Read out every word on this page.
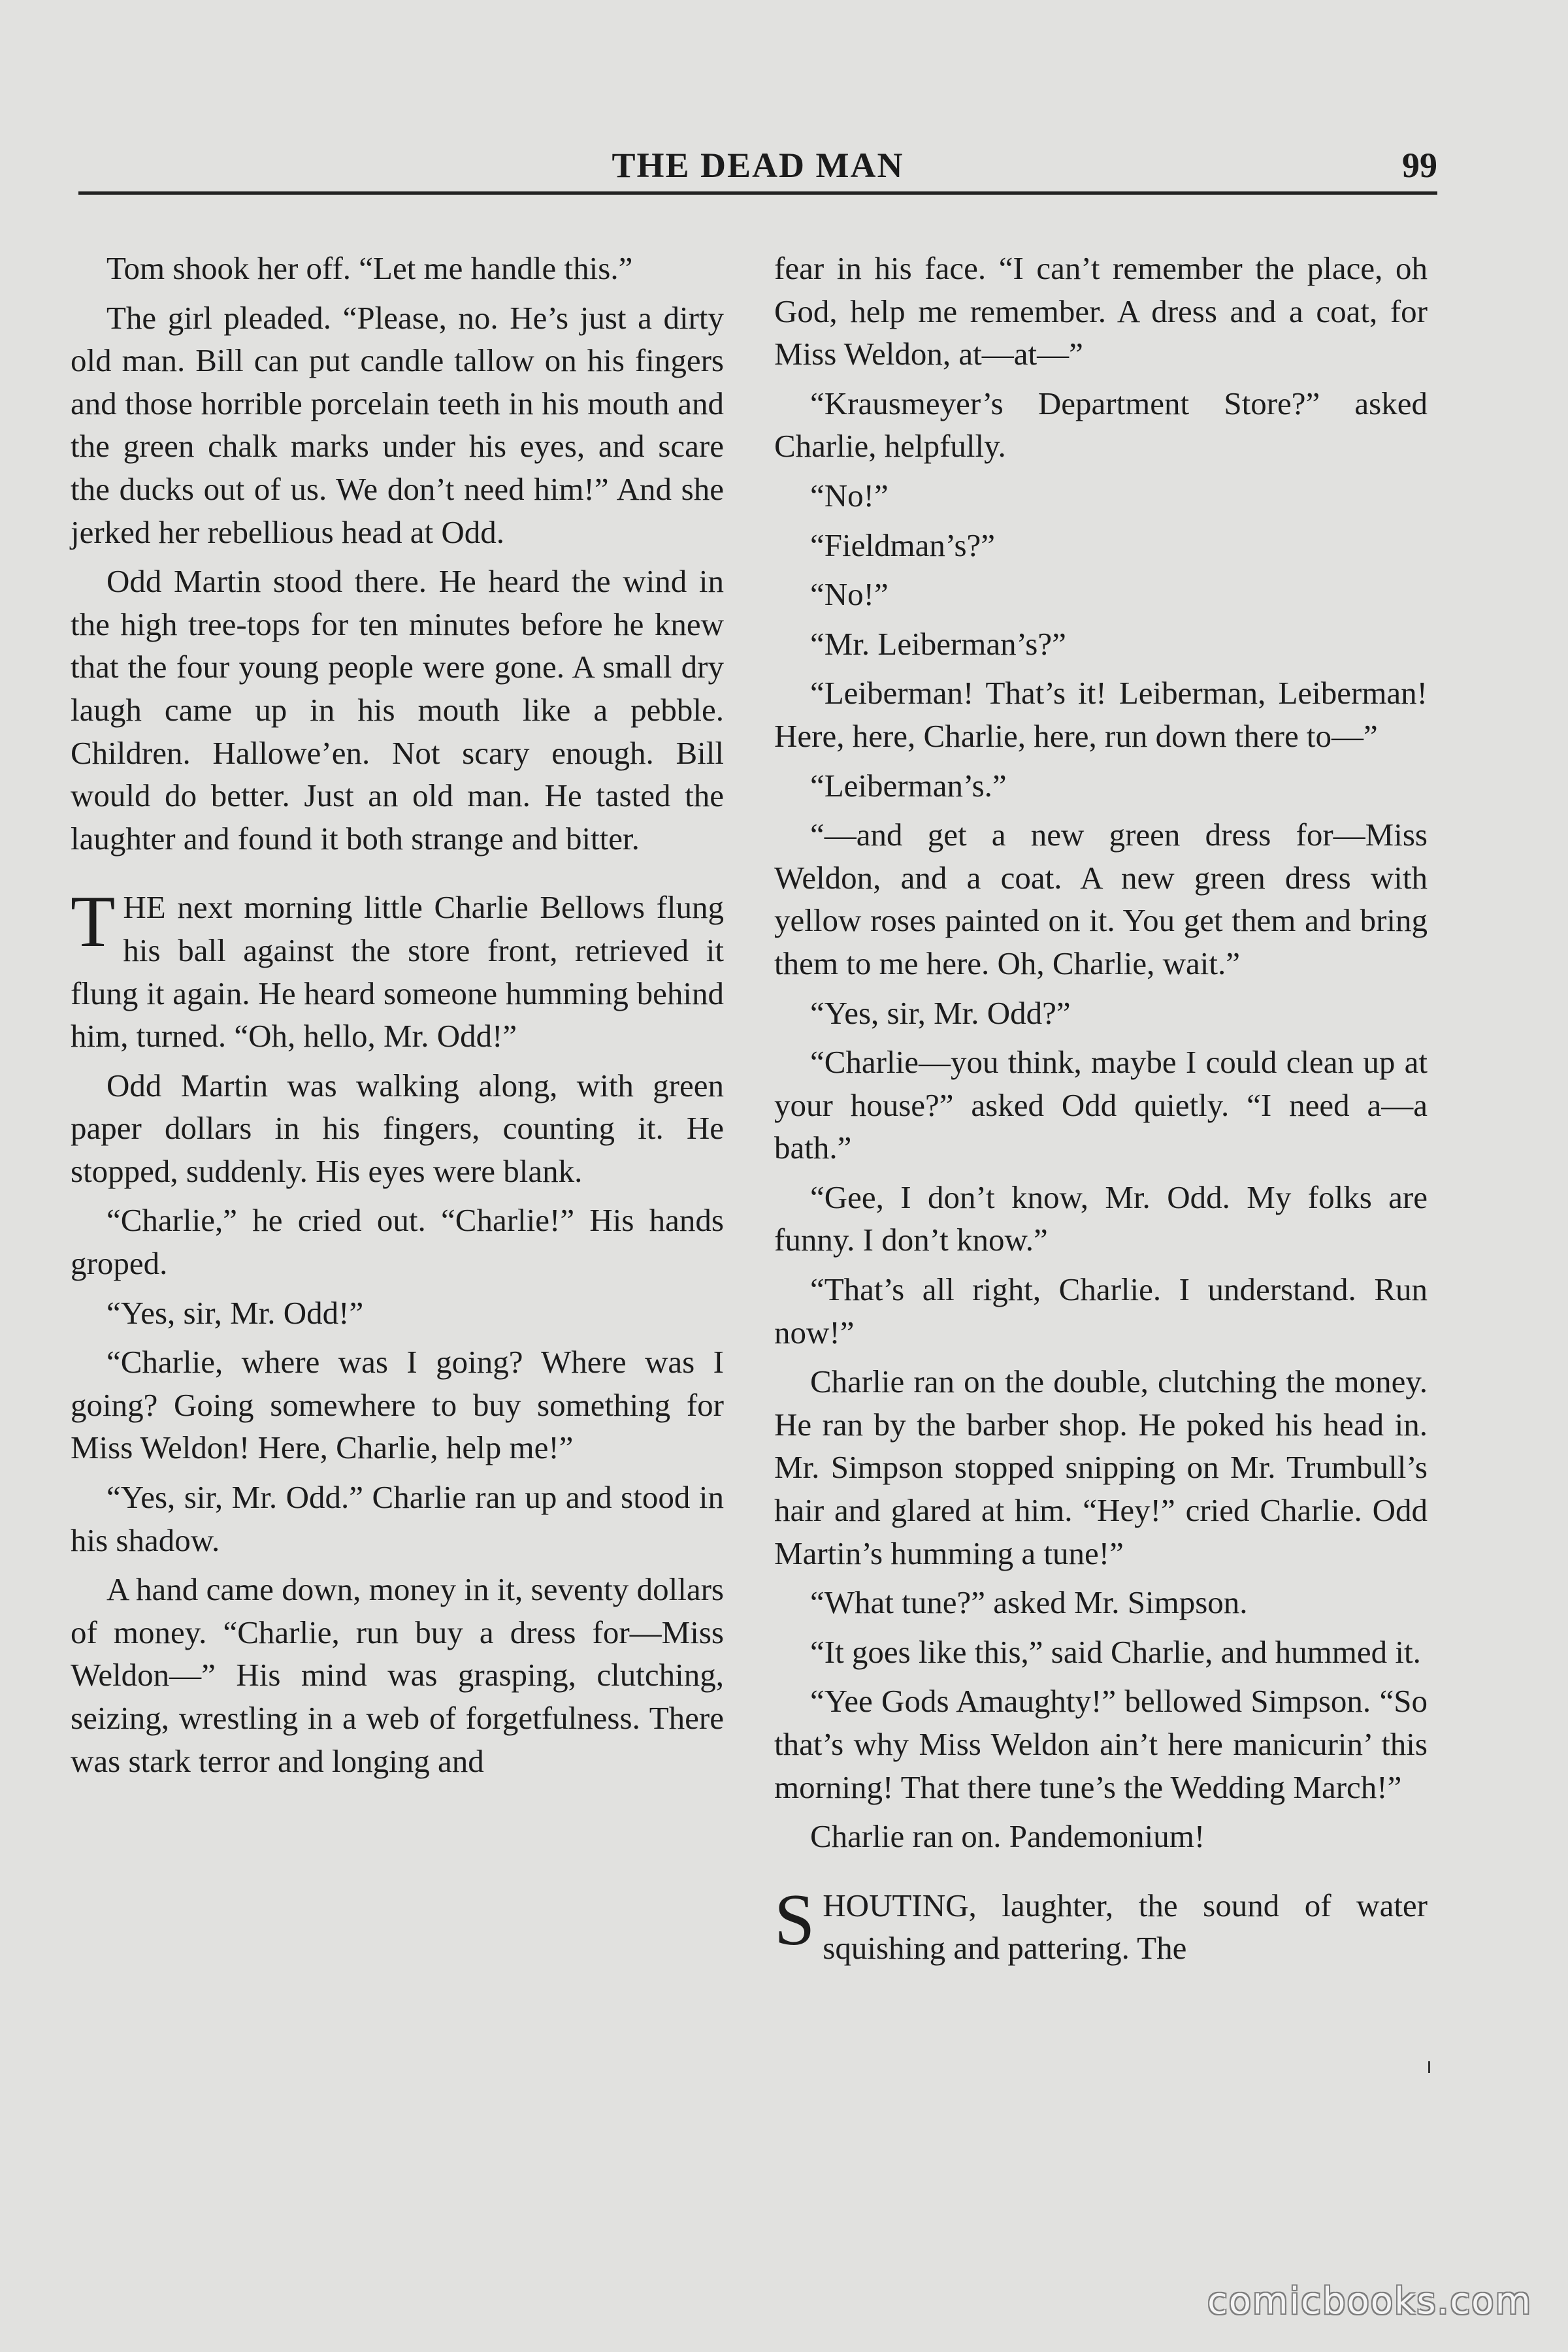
THE DEAD MAN	99

Tom shook her off. “Let me handle this.”

The girl pleaded. “Please, no. He’s just a dirty old man. Bill can put candle tallow on his fingers and those horrible porcelain teeth in his mouth and the green chalk marks under his eyes, and scare the ducks out of us. We don’t need him!” And she jerked her rebellious head at Odd.

Odd Martin stood there. He heard the wind in the high tree-tops for ten minutes before he knew that the four young people were gone. A small dry laugh came up in his mouth like a pebble. Children. Hallowe’en. Not scary enough. Bill would do better. Just an old man. He tasted the laughter and found it both strange and bitter.

THE next morning little Charlie Bellows flung his ball against the store front, retrieved it flung it again. He heard someone humming behind him, turned. “Oh, hello, Mr. Odd!”

Odd Martin was walking along, with green paper dollars in his fingers, counting it. He stopped, suddenly. His eyes were blank.

“Charlie,” he cried out. “Charlie!” His hands groped.

“Yes, sir, Mr. Odd!”

“Charlie, where was I going? Where was I going? Going somewhere to buy something for Miss Weldon! Here, Charlie, help me!”

“Yes, sir, Mr. Odd.” Charlie ran up and stood in his shadow.

A hand came down, money in it, seventy dollars of money. “Charlie, run buy a dress for—Miss Weldon—” His mind was grasping, clutching, seizing, wrestling in a web of forgetfulness. There was stark terror and longing and

fear in his face. “I can’t remember the place, oh God, help me remember. A dress and a coat, for Miss Weldon, at—at—”

“Krausmeyer’s Department Store?” asked Charlie, helpfully.

“No!”

“Fieldman’s?”

“No!”

“Mr. Leiberman’s?”

“Leiberman! That’s it! Leiberman, Leiberman! Here, here, Charlie, here, run down there to—”

“Leiberman’s.”

“—and get a new green dress for—Miss Weldon, and a coat. A new green dress with yellow roses painted on it. You get them and bring them to me here. Oh, Charlie, wait.”

“Yes, sir, Mr. Odd?”

“Charlie—you think, maybe I could clean up at your house?” asked Odd quietly. “I need a—a bath.”

“Gee, I don’t know, Mr. Odd. My folks are funny. I don’t know.”

“That’s all right, Charlie. I understand. Run now!”

Charlie ran on the double, clutching the money. He ran by the barber shop. He poked his head in. Mr. Simpson stopped snipping on Mr. Trumbull’s hair and glared at him. “Hey!” cried Charlie. Odd Martin’s humming a tune!”

“What tune?” asked Mr. Simpson.

“It goes like this,” said Charlie, and hummed it.

“Yee Gods Amaughty!” bellowed Simpson. “So that’s why Miss Weldon ain’t here manicurin’ this morning! That there tune’s the Wedding March!”

Charlie ran on. Pandemonium!

SHOUTING, laughter, the sound of water squishing and pattering. The

comicbooks.com
